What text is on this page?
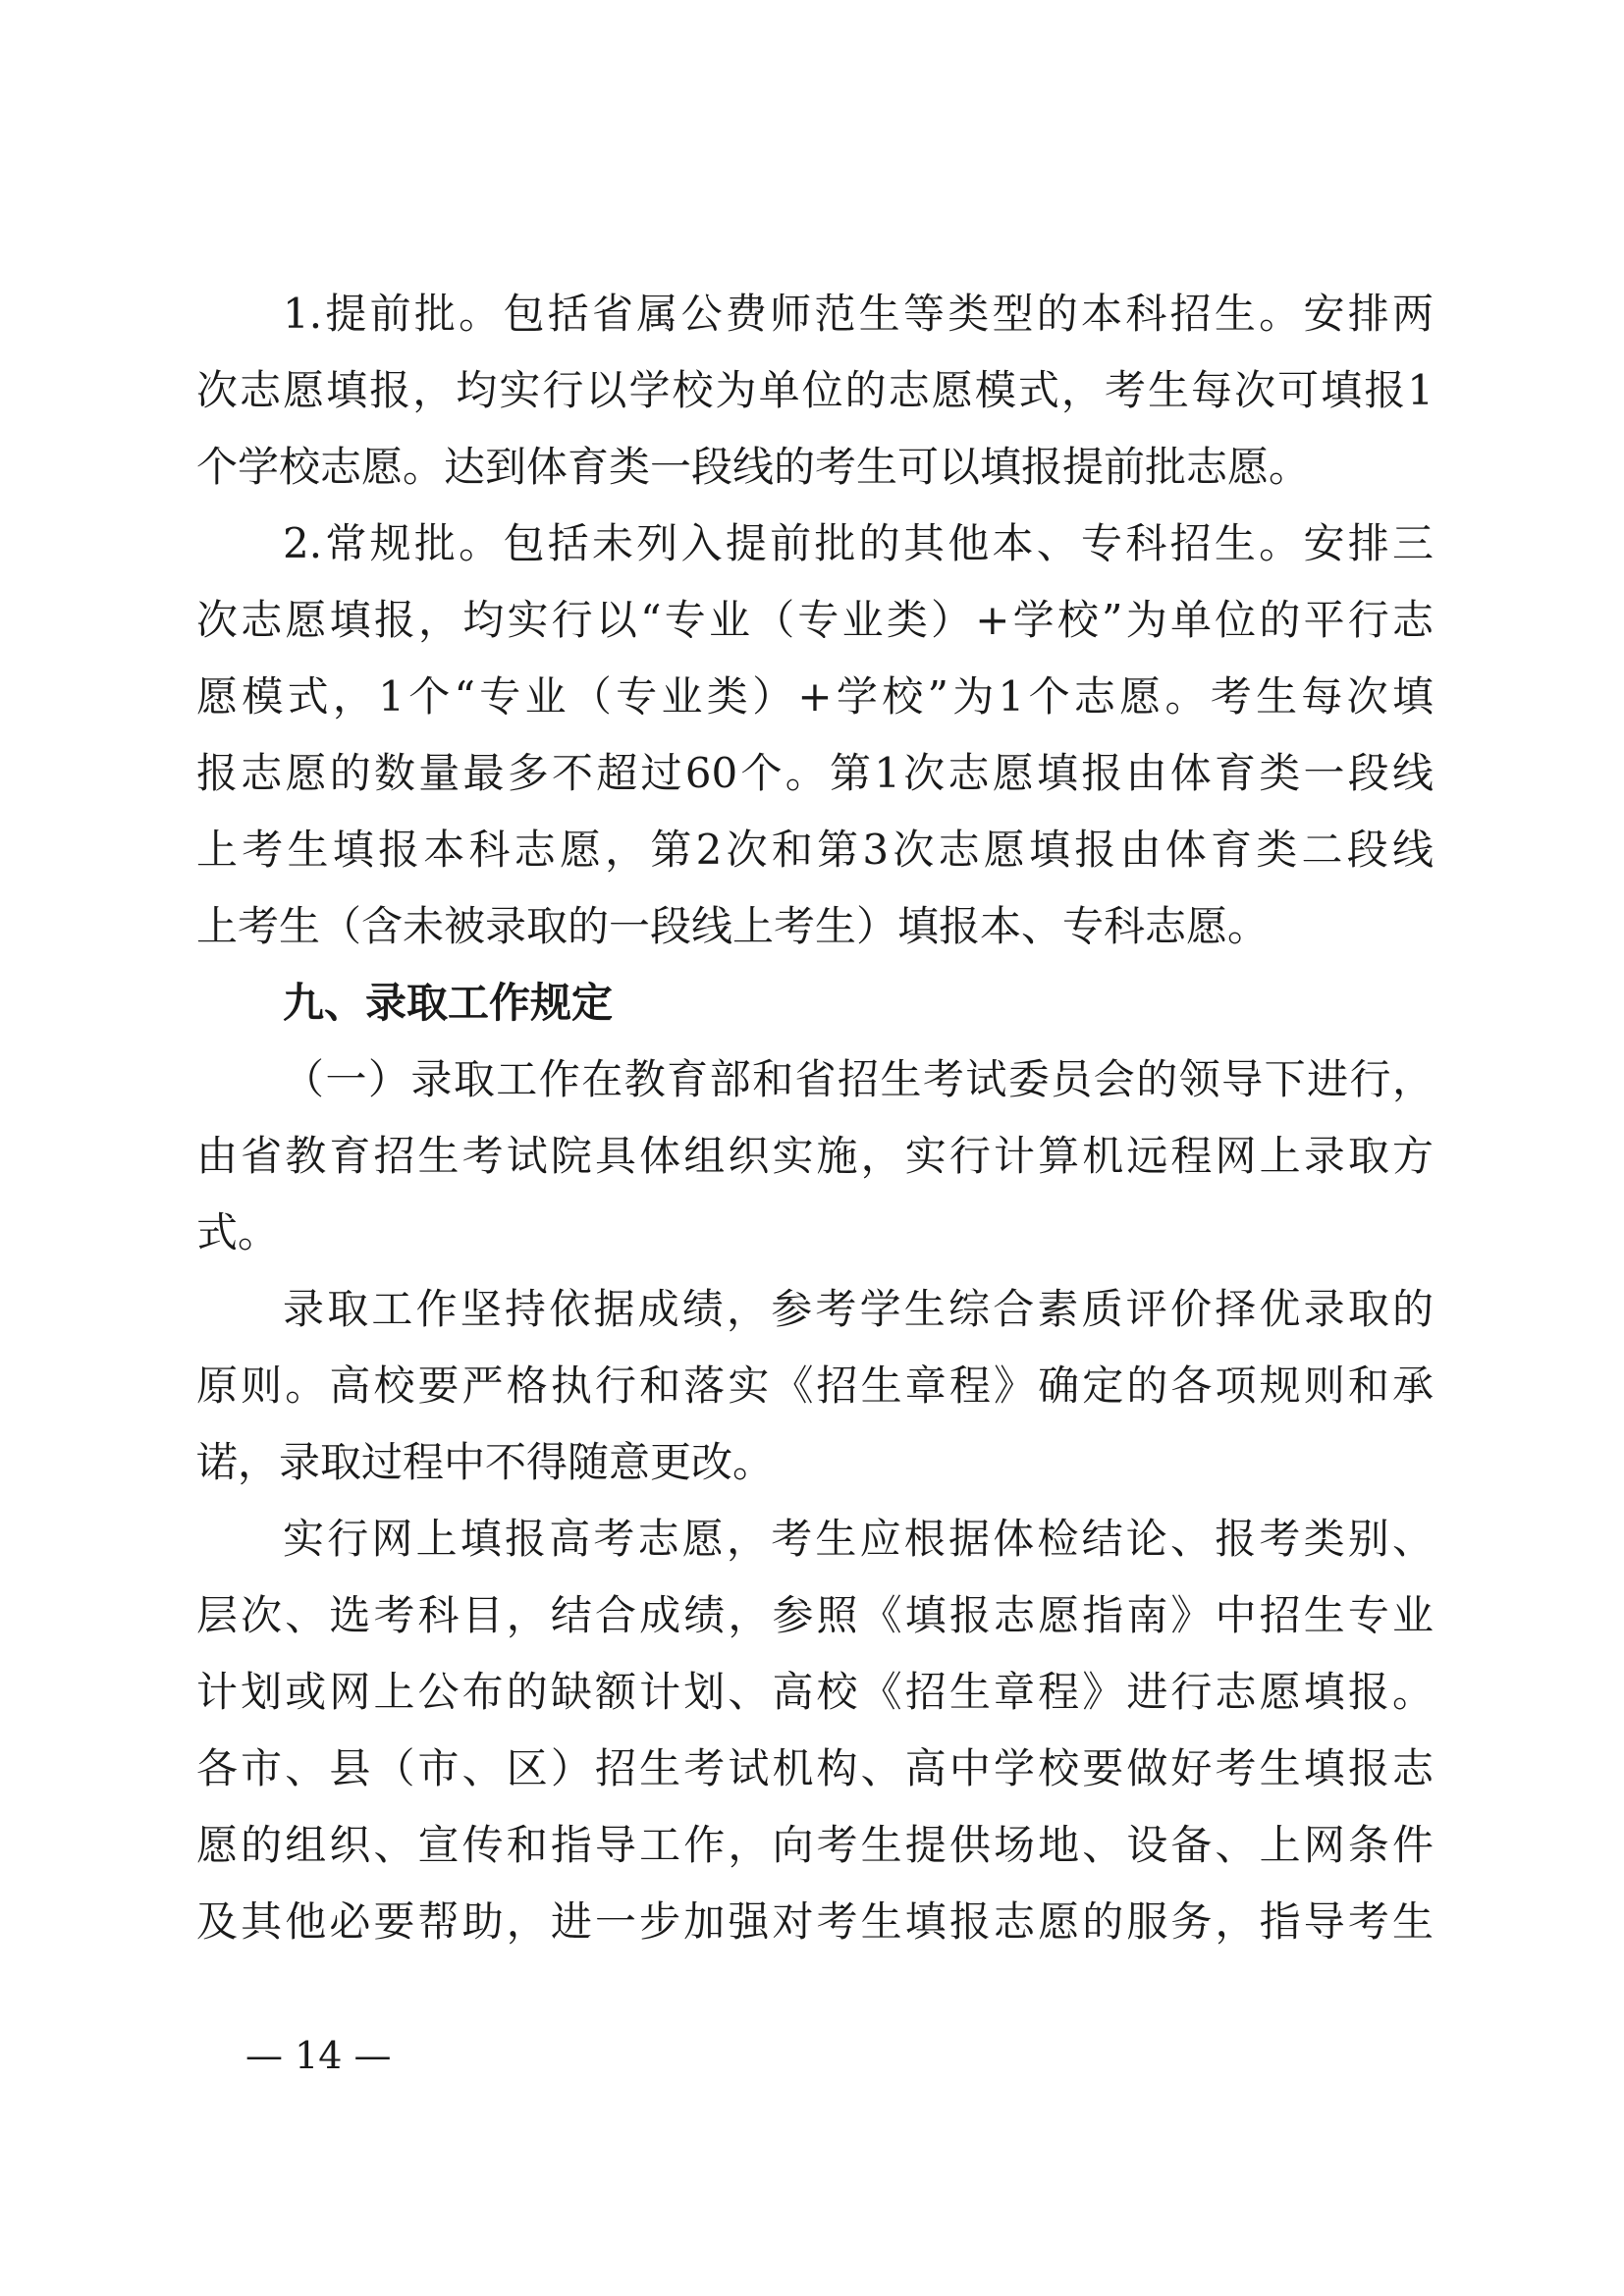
1.提前批。包括省属公费师范生等类型的本科招生。安排两
次志愿填报，均实行以学校为单位的志愿模式，考生每次可填报1
个学校志愿。达到体育类一段线的考生可以填报提前批志愿。
2.常规批。包括未列入提前批的其他本、专科招生。安排三
次志愿填报，均实行以“专业（专业类）+学校”为单位的平行志
愿模式，1个“专业（专业类）+学校”为1个志愿。考生每次填
报志愿的数量最多不超过60个。第1次志愿填报由体育类一段线
上考生填报本科志愿，第2次和第3次志愿填报由体育类二段线
上考生（含未被录取的一段线上考生）填报本、专科志愿。
九、录取工作规定
（一）录取工作在教育部和省招生考试委员会的领导下进行，
由省教育招生考试院具体组织实施，实行计算机远程网上录取方
式。
录取工作坚持依据成绩，参考学生综合素质评价择优录取的
原则。高校要严格执行和落实《招生章程》确定的各项规则和承
诺，录取过程中不得随意更改。
实行网上填报高考志愿，考生应根据体检结论、报考类别、
层次、选考科目，结合成绩，参照《填报志愿指南》中招生专业
计划或网上公布的缺额计划、高校《招生章程》进行志愿填报。
各市、县（市、区）招生考试机构、高中学校要做好考生填报志
愿的组织、宣传和指导工作，向考生提供场地、设备、上网条件
及其他必要帮助，进一步加强对考生填报志愿的服务，指导考生
— 14 —
